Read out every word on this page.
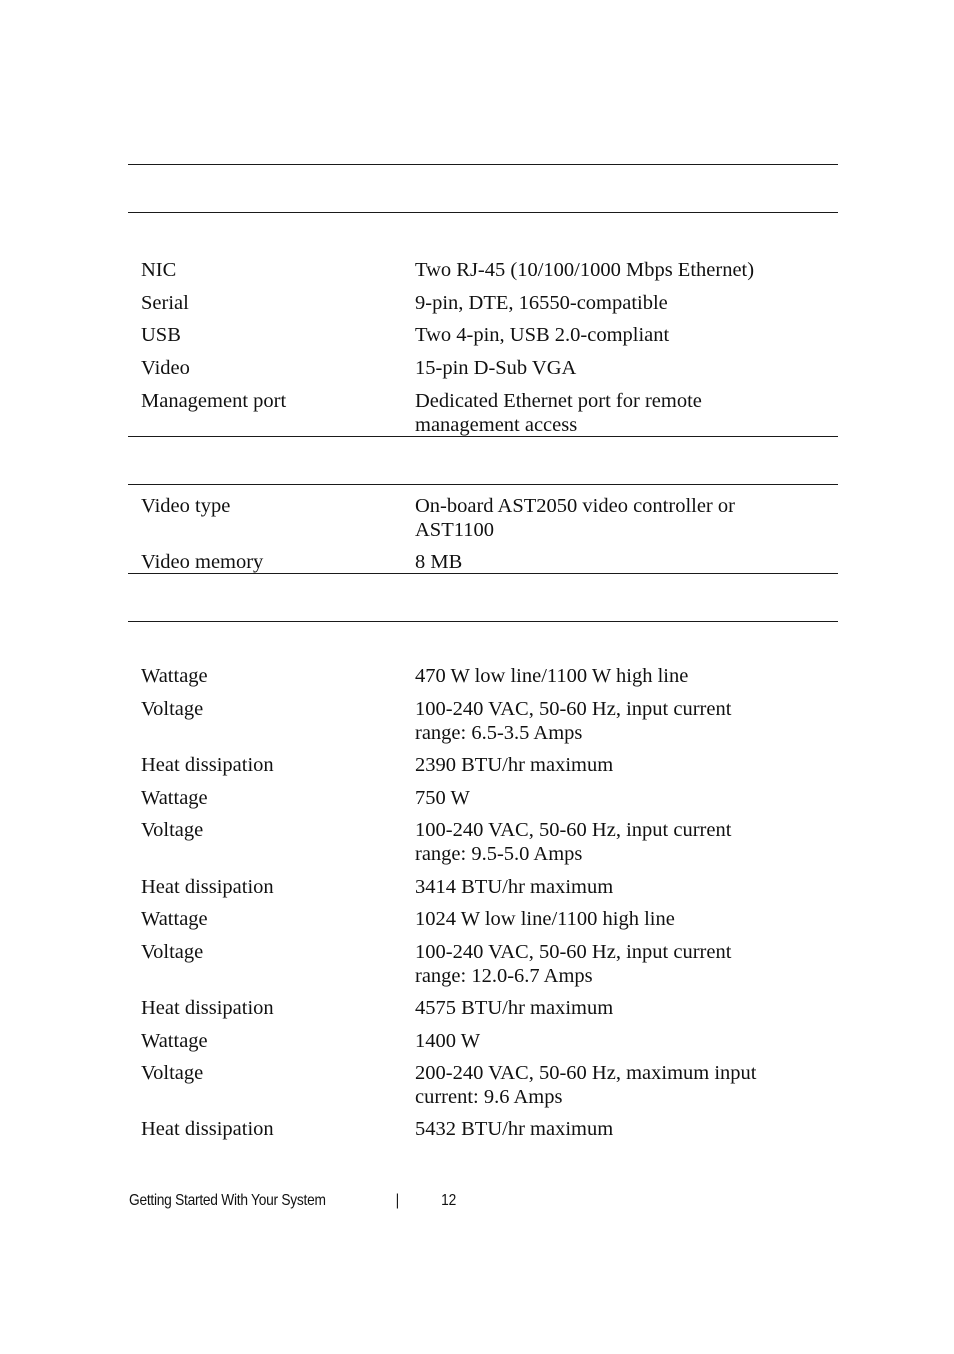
NIC	Two RJ-45 (10/100/1000 Mbps Ethernet)
Serial	9-pin, DTE, 16550-compatible
USB	Two 4-pin, USB 2.0-compliant
Video	15-pin D-Sub VGA
Management port	Dedicated Ethernet port for remote
management access
Video type	On-board AST2050 video controller or
AST1100
Video memory	8 MB
Wattage	470 W low line/1100 W high line
Voltage	100-240 VAC, 50-60 Hz, input current
range: 6.5-3.5 Amps
Heat dissipation	2390 BTU/hr maximum
Wattage	750 W
Voltage	100-240 VAC, 50-60 Hz, input current
range: 9.5-5.0 Amps
Heat dissipation	3414 BTU/hr maximum
Wattage	1024 W low line/1100 high line
Voltage	100-240 VAC, 50-60 Hz, input current
range: 12.0-6.7 Amps
Heat dissipation	4575 BTU/hr maximum
Wattage	1400 W
Voltage	200-240 VAC, 50-60 Hz, maximum input
current: 9.6 Amps
Heat dissipation	5432 BTU/hr maximum
Getting Started With Your System	|	12
